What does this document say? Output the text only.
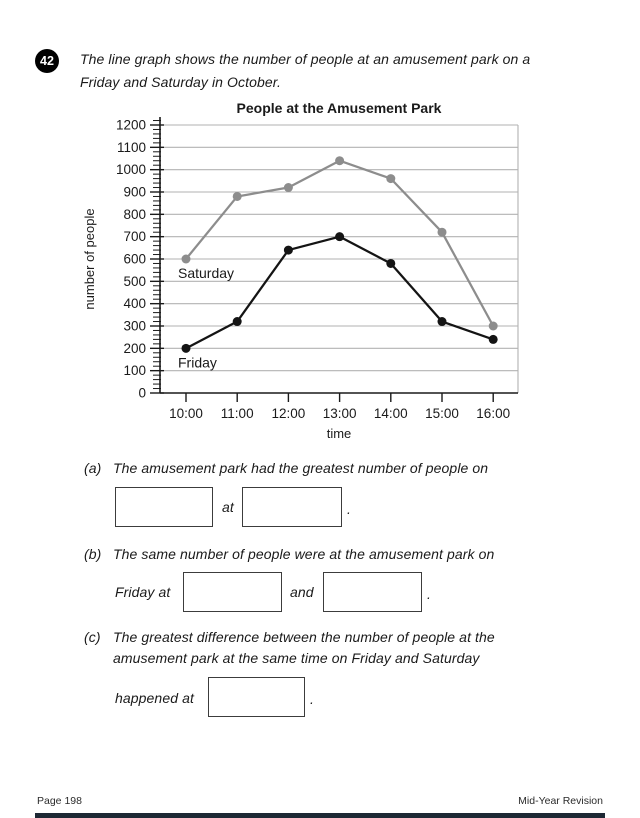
42 The line graph shows the number of people at an amusement park on a
Friday and Saturday in October.
Saturday
Friday
0
100
200
300
400
500
600
700
800
900
1000
1100
1200
10:00 11:00 12:00 13:00 14:00 15:00 16:00
People at the Amusement Park
time
number of people
(a) The amusement park had the greatest number of people on
at	.
(b) The same number of people were at the amusement park on
Friday at	and	.
(c) The greatest difference between the number of people at the
amusement park at the same time on Friday and Saturday
happened at	.
Page 198	Mid-Year Revision
